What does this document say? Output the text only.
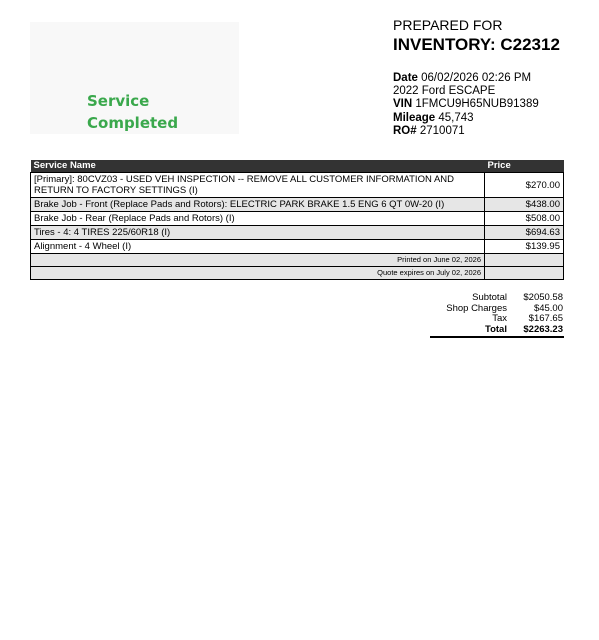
Service
Completed
PREPARED FOR
INVENTORY: C22312
Date 06/02/2026 02:26 PM
2022 Ford ESCAPE
VIN 1FMCU9H65NUB91389
Mileage 45,743
RO# 2710071
Service Name	Price
[Primary]: 80CVZ03 - USED VEH INSPECTION -- REMOVE ALL CUSTOMER INFORMATION AND RETURN TO FACTORY SETTINGS (I)	$270.00
Brake Job - Front (Replace Pads and Rotors): ELECTRIC PARK BRAKE 1.5 ENG 6 QT 0W-20 (I)	$438.00
Brake Job - Rear (Replace Pads and Rotors) (I)	$508.00
Tires - 4: 4 TIRES 225/60R18 (I)	$694.63
Alignment - 4 Wheel (I)	$139.95
Printed on June 02, 2026	
Quote expires on July 02, 2026	
Subtotal	$2050.58
Shop Charges	$45.00
Tax	$167.65
Total	$2263.23
